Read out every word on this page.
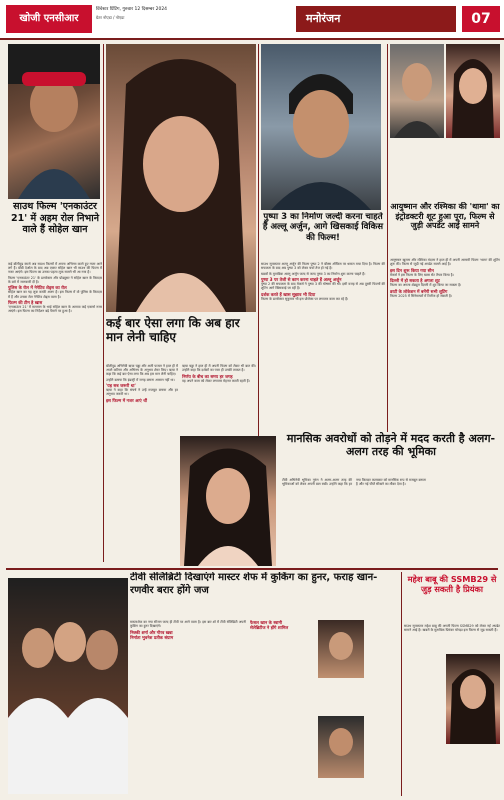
खोजी एनसीआर
विंचेस्टर प्रिंटिंग, गुरुवार 12 दिसम्बर 2024
ग्रेटर नोएडा / नोएडा	मनोरंजन	07
साउथ फिल्म 'एनकाउंटर 21' में अहम रोल निभाने वाले हैं सोहेल खान

कई बॉलीवुड स्टार्स अब साउथ फिल्मों में अपना अभिनय करते हुए नजर आने लगे हैं। बॉबी देओल के बाद अब एक्टर सोहेल खान भी साउथ की फिल्म में नजर आएंगे। इस फिल्म का उनका पहला लुक सामने भी आ गया है।

फिल्म 'एनकाउंटर 21' के डायरेक्टर और प्रोड्यूसर ने सोहेल खान के किरदार के बारे में जानकारी दी है।

पुलिस के रोल में नेगेटिव शेड्स का रोल

सोहेल खान का यह लुक काफी अलग है। इस फिल्म में वो पुलिस के किरदार में हैं और उनका रोल नेगेटिव शेड्स वाला है।

फिल्म की टीम है खास

'एनकाउंटर 21' में सलमान के भाई सोहेल खान के अलावा कई एक्टर्स नजर आएंगे। इस फिल्म का निर्देशन बड़े पैमाने पर हुआ है।

कई बार ऐसा लगा कि अब हार मान लेनी चाहिए

बॉलीवुड अभिनेत्री ऋचा चड्ढा और अली फजल ने हाल ही में अपने करियर और अभिनय के अनुभव शेयर किए। ऋचा ने कहा कि कई बार ऐसा लगा कि अब हार मान लेनी चाहिए।

उन्होंने बताया कि इंडस्ट्री में जगह बनाना आसान नहीं था।

'यह सब जरूरी था'

ऋचा ने कहा कि संघर्ष ने उन्हें मजबूत बनाया और हर अनुभव जरूरी था।

इस फिल्म में नजर आएं थीं

ऋचा चड्ढा ने हाल ही में अपनी फिल्म को लेकर भी बात की। उन्होंने कहा कि दर्शकों का प्यार ही उनकी ताकत है।

निर्णय के बीच का समय हर जगह

वह अपने काम को लेकर लगातार मेहनत करती रहती हैं।

पुष्पा 3 का निर्माण जल्दी करना चाहते हैं अल्लू अर्जुन, आगे खिसकाई विकिस की फिल्म!

साउथ सुपरस्टार अल्लू अर्जुन की फिल्म पुष्पा 2 ने बॉक्स ऑफिस पर धमाल मचा दिया है। फिल्म की सफलता के बाद अब पुष्पा 3 को लेकर चर्चा तेज हो गई है।

खबरों के मुताबिक अल्लू अर्जुन जल्द से जल्द पुष्पा 3 का निर्माण शुरू करना चाहते हैं।

पुष्पा 3 पर तेजी से काम करना चाहते हैं अल्लू अर्जुन

पुष्पा 2 की सफलता के बाद मेकर्स ने पुष्पा 3 की घोषणा की थी। इसी वजह से अब दूसरी फिल्मों की शूटिंग आगे खिसकाई जा रही है।

दर्शक करते हैं खास सुझाव भी दिया

फिल्म के डायरेक्टर सुकुमार भी इस प्रोजेक्ट पर लगातार काम कर रहे हैं।

आयुष्मान और रश्मिका की 'थामा' का इंट्रोडक्टरी शूट हुआ पूरा, फिल्म से जुड़ी अपडेट आई सामने

आयुष्मान खुराना और रश्मिका मंदाना ने हाल ही में अपनी आगामी फिल्म 'थामा' की शूटिंग शुरू की। फिल्म से जुड़ी नई अपडेट सामने आई है।

इस दिन शुरू किया गया सीन

मेकर्स ने इस फिल्म के लिए खास सेट तैयार किया है।

दिल्ली में हो सकता है अगला शूट

फिल्म का अगला शेड्यूल दिल्ली में शूट किया जा सकता है।

डरटी के लोकेशन में बनेंगी सभी शूटिंग

फिल्म 2025 में सिनेमाघरों में रिलीज हो सकती है।

मानसिक अवरोधों को तोड़ने में मदद करती है अलग-अलग तरह की भूमिका

टीवी अभिनेत्री भूमिका गुरुंग ने अलग-अलग तरह की भूमिकाओं को लेकर अपनी बात रखी। उन्होंने कहा कि हर नया किरदार कलाकार को मानसिक रूप से मजबूत बनाता है और नई चीजें सीखने का मौका देता है।

टीवी सेलिब्रिटी दिखाएंगे मास्टर शेफ में कुकिंग का हुनर, फराह खान-रणवीर बरार होंगे जज

मास्टरशेफ का नया सीजन जल्द ही टीवी पर आने वाला है। इस बार शो में टीवी सेलिब्रिटी अपनी कुकिंग का हुनर दिखाएंगे।

निक्की शर्मा और गौरव खन्ना
निर्माता भुवनेश प्रतीक संग्राम
फैसल खान के स्वामी
सेलेब्रिटीज ने होंगे शामिल
महेश बाबू की SSMB29 से जुड़ सकती है प्रियंका

साउथ सुपरस्टार महेश बाबू की अगली फिल्म SSMB29 को लेकर नई अपडेट सामने आई है। खबरों के मुताबिक प्रियंका चोपड़ा इस फिल्म से जुड़ सकती हैं।
